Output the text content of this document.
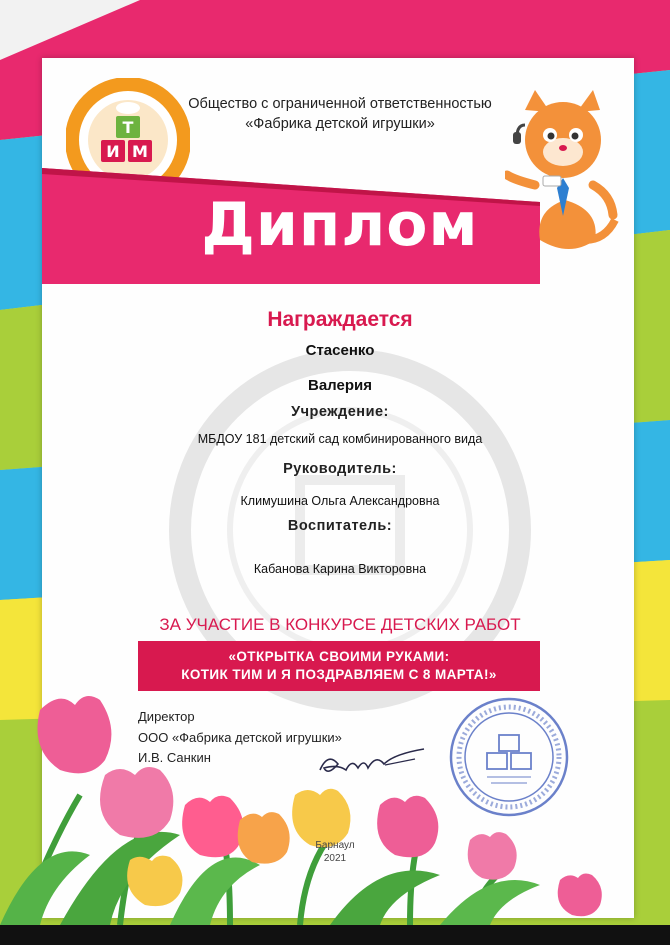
Т
И М
Общество с ограниченной ответственностью
«Фабрика детской игрушки»
Диплом
Награждается
Стасенко
Валерия
Учреждение:
МБДОУ 181 детский сад комбинированного вида
Руководитель:
Климушина Ольга Александровна
Воспитатель:
Кабанова Карина Викторовна
ЗА УЧАСТИЕ В КОНКУРСЕ ДЕТСКИХ РАБОТ
«ОТКРЫТКА СВОИМИ РУКАМИ:
КОТИК ТИМ И Я ПОЗДРАВЛЯЕМ С 8 МАРТА!»
Директор
ООО «Фабрика детской игрушки»
И.В. Санкин
Барнаул
2021
